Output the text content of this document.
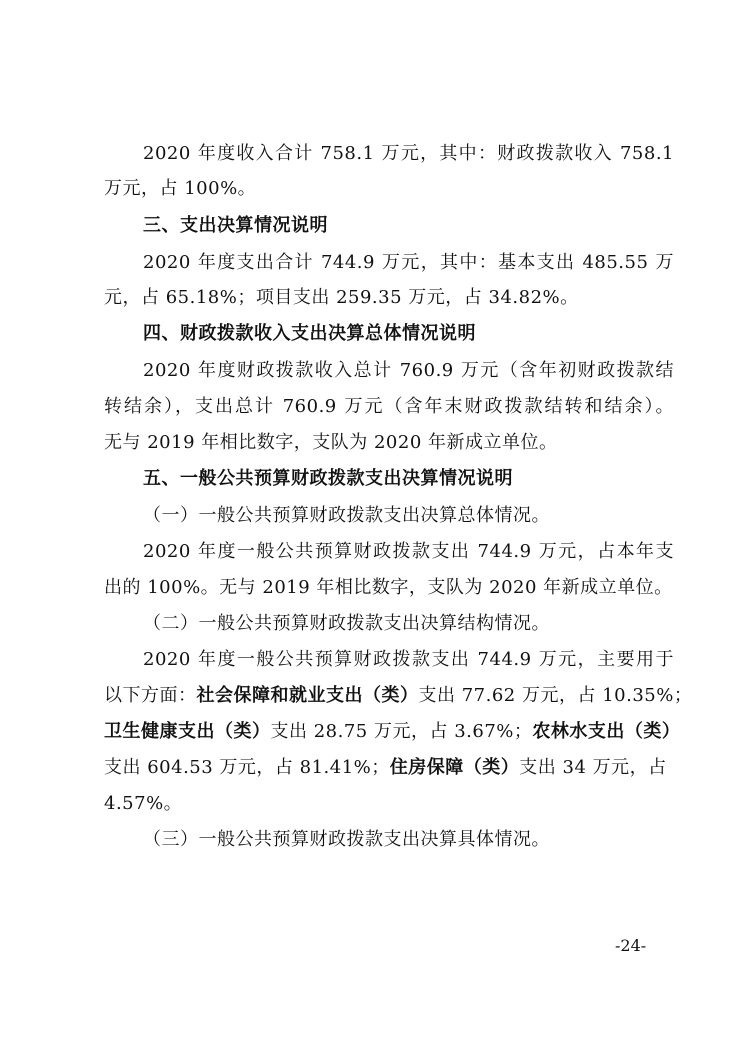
2020 年度收入合计 758.1 万元，其中：财政拨款收入 758.1
万元，占 100%。
三、支出决算情况说明
2020 年度支出合计 744.9 万元，其中：基本支出 485.55 万
元，占 65.18%；项目支出 259.35 万元，占 34.82%。
四、财政拨款收入支出决算总体情况说明
2020 年度财政拨款收入总计 760.9 万元（含年初财政拨款结
转结余），支出总计 760.9 万元（含年末财政拨款结转和结余）。
无与 2019 年相比数字，支队为 2020 年新成立单位。
五、一般公共预算财政拨款支出决算情况说明
（一）一般公共预算财政拨款支出决算总体情况。
2020 年度一般公共预算财政拨款支出 744.9 万元，占本年支
出的 100%。无与 2019 年相比数字，支队为 2020 年新成立单位。
（二）一般公共预算财政拨款支出决算结构情况。
2020 年度一般公共预算财政拨款支出 744.9 万元，主要用于
以下方面：社会保障和就业支出（类）支出 77.62 万元，占 10.35%；
卫生健康支出（类）支出 28.75 万元，占 3.67%；农林水支出（类）
支出 604.53 万元，占 81.41%；住房保障（类）支出 34 万元，占
4.57%。
（三）一般公共预算财政拨款支出决算具体情况。
-24-
